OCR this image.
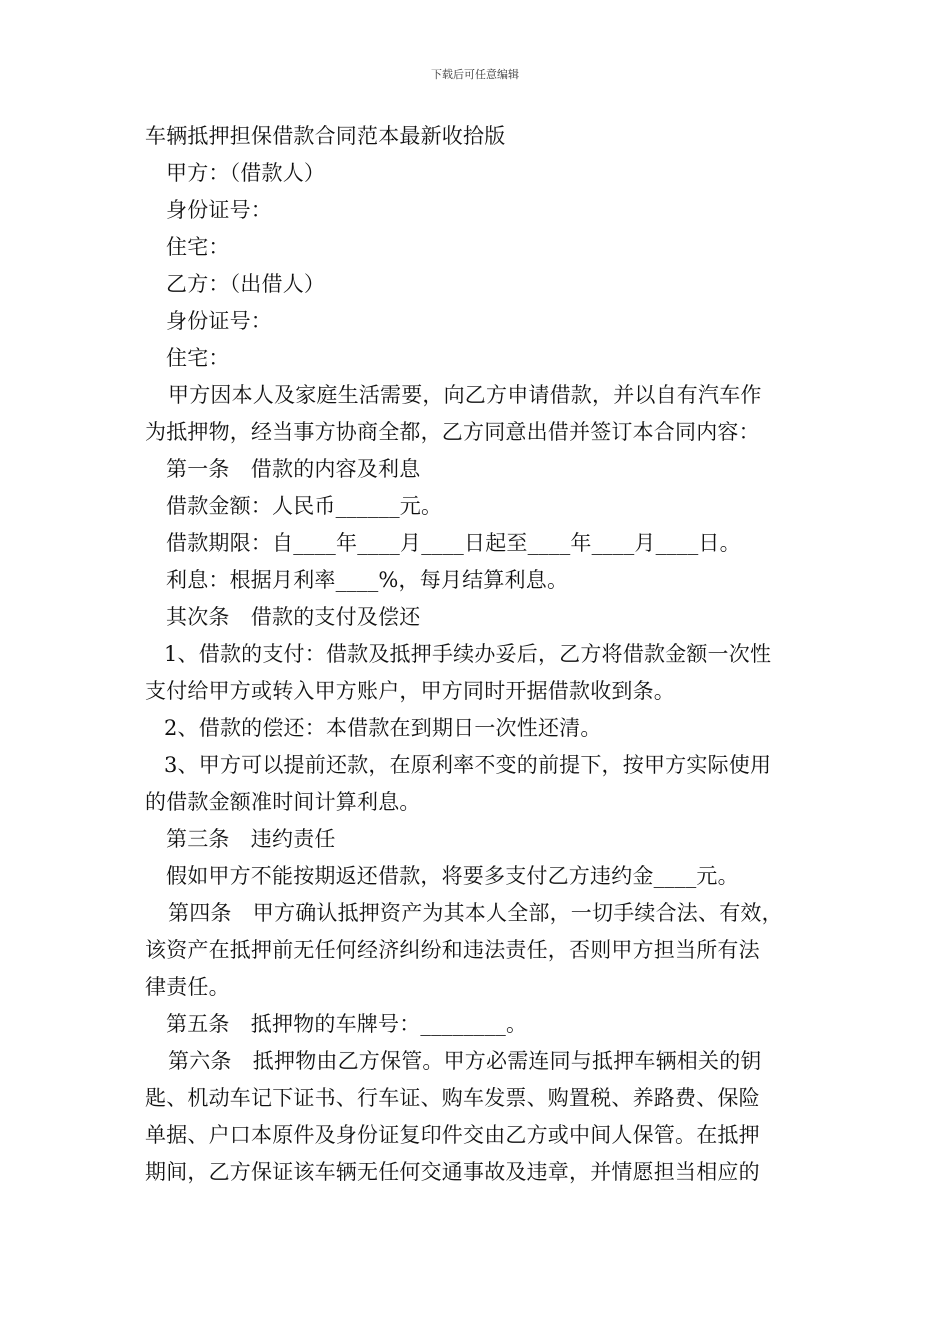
下载后可任意编辑
车辆抵押担保借款合同范本最新收拾版
甲方：（借款人）
身份证号：
住宅：
乙方：（出借人）
身份证号：
住宅：
甲方因本人及家庭生活需要，向乙方申请借款，并以自有汽车作
为抵押物，经当事方协商全都，乙方同意出借并签订本合同内容：
第一条　借款的内容及利息
借款金额：人民币______元。
借款期限：自____年____月____日起至____年____月____日。
利息：根据月利率____%，每月结算利息。
其次条　借款的支付及偿还
1、借款的支付：借款及抵押手续办妥后，乙方将借款金额一次性
支付给甲方或转入甲方账户，甲方同时开据借款收到条。
2、借款的偿还：本借款在到期日一次性还清。
3、甲方可以提前还款，在原利率不变的前提下，按甲方实际使用
的借款金额准时间计算利息。
第三条　违约责任
假如甲方不能按期返还借款，将要多支付乙方违约金____元。
第四条　甲方确认抵押资产为其本人全部，一切手续合法、有效，
该资产在抵押前无任何经济纠纷和违法责任，否则甲方担当所有法
律责任。
第五条　抵押物的车牌号：________。
第六条　抵押物由乙方保管。甲方必需连同与抵押车辆相关的钥
匙、机动车记下证书、行车证、购车发票、购置税、养路费、保险
单据、户口本原件及身份证复印件交由乙方或中间人保管。在抵押
期间，乙方保证该车辆无任何交通事故及违章，并情愿担当相应的
